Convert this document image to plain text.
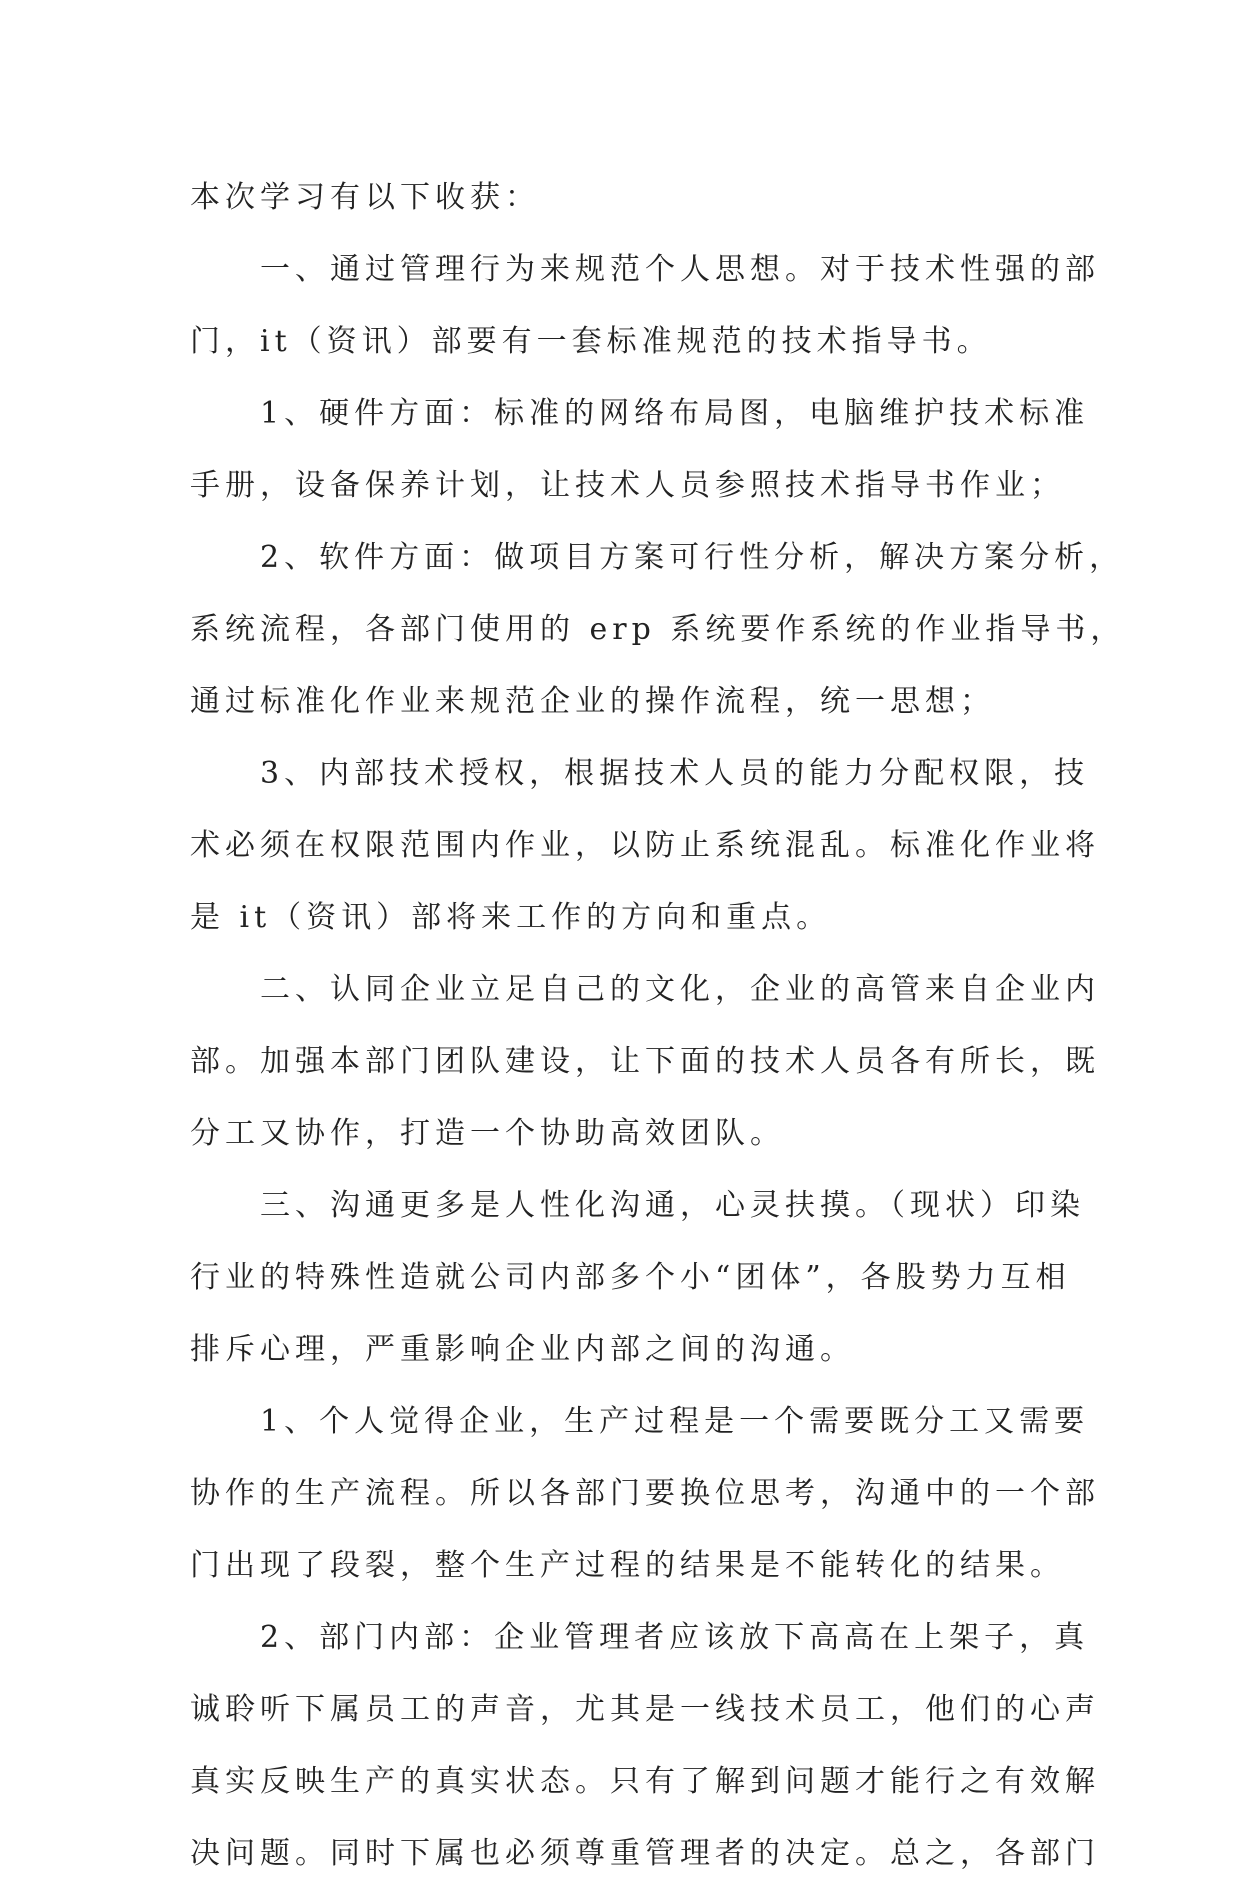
本次学习有以下收获：

一、通过管理行为来规范个人思想。对于技术性强的部
门，it（资讯）部要有一套标准规范的技术指导书。

1、硬件方面：标准的网络布局图，电脑维护技术标准
手册，设备保养计划，让技术人员参照技术指导书作业；

2、软件方面：做项目方案可行性分析，解决方案分析，
系统流程，各部门使用的 erp 系统要作系统的作业指导书，
通过标准化作业来规范企业的操作流程，统一思想；

3、内部技术授权，根据技术人员的能力分配权限，技
术必须在权限范围内作业，以防止系统混乱。标准化作业将
是 it（资讯）部将来工作的方向和重点。

二、认同企业立足自己的文化，企业的高管来自企业内
部。加强本部门团队建设，让下面的技术人员各有所长，既
分工又协作，打造一个协助高效团队。

三、沟通更多是人性化沟通，心灵扶摸。（现状）印染
行业的特殊性造就公司内部多个小“团体”，各股势力互相
排斥心理，严重影响企业内部之间的沟通。

1、个人觉得企业，生产过程是一个需要既分工又需要
协作的生产流程。所以各部门要换位思考，沟通中的一个部
门出现了段裂，整个生产过程的结果是不能转化的结果。

2、部门内部：企业管理者应该放下高高在上架子，真
诚聆听下属员工的声音，尤其是一线技术员工，他们的心声
真实反映生产的真实状态。只有了解到问题才能行之有效解
决问题。同时下属也必须尊重管理者的决定。总之，各部门
